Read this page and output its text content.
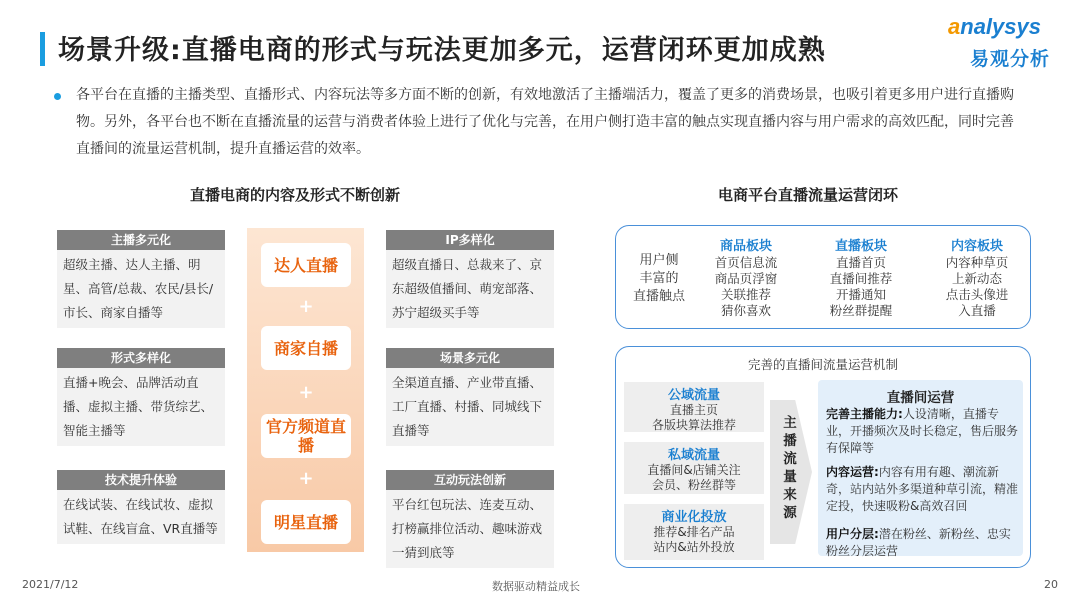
场景升级:直播电商的形式与玩法更加多元，运营闭环更加成熟
analysys
易观分析
各平台在直播的主播类型、直播形式、内容玩法等多方面不断的创新，有效地激活了主播端活力，覆盖了更多的消费场景，也吸引着更多用户进行直播购物。另外，各平台也不断在直播流量的运营与消费者体验上进行了优化与完善，在用户侧打造丰富的触点实现直播内容与用户需求的高效匹配，同时完善直播间的流量运营机制，提升直播运营的效率。
直播电商的内容及形式不断创新
主播多元化
超级主播、达人主播、明星、高管/总裁、农民/县长/市长、商家自播等
形式多样化
直播+晚会、品牌活动直播、虚拟主播、带货综艺、智能主播等
技术提升体验
在线试装、在线试妆、虚拟试鞋、在线盲盒、VR直播等
达人直播
+
商家自播
+
官方频道直播
+
明星直播
IP多样化
超级直播日、总裁来了、京东超级值播间、萌宠部落、苏宁超级买手等
场景多元化
全渠道直播、产业带直播、工厂直播、村播、同城线下直播等
互动玩法创新
平台红包玩法、连麦互动、打榜赢排位活动、趣味游戏一猜到底等
电商平台直播流量运营闭环
用户侧
丰富的
直播触点
商品板块
首页信息流
商品页浮窗
关联推荐
猜你喜欢
直播板块
直播首页
直播间推荐
开播通知
粉丝群提醒
内容板块
内容种草页
上新动态
点击头像进
入直播
完善的直播间流量运营机制
公域流量
直播主页
各版块算法推荐
私域流量
直播间&店铺关注
会员、粉丝群等
商业化投放
推荐&排名产品
站内&站外投放
主
播
流
量
来
源
直播间运营
完善主播能力:人设清晰，直播专业，开播频次及时长稳定，售后服务有保障等
内容运营:内容有用有趣、潮流新奇，站内站外多渠道种草引流，精准定投，快速吸粉&高效召回
用户分层:潜在粉丝、新粉丝、忠实粉丝分层运营
2021/7/12	数据驱动精益成长	20
